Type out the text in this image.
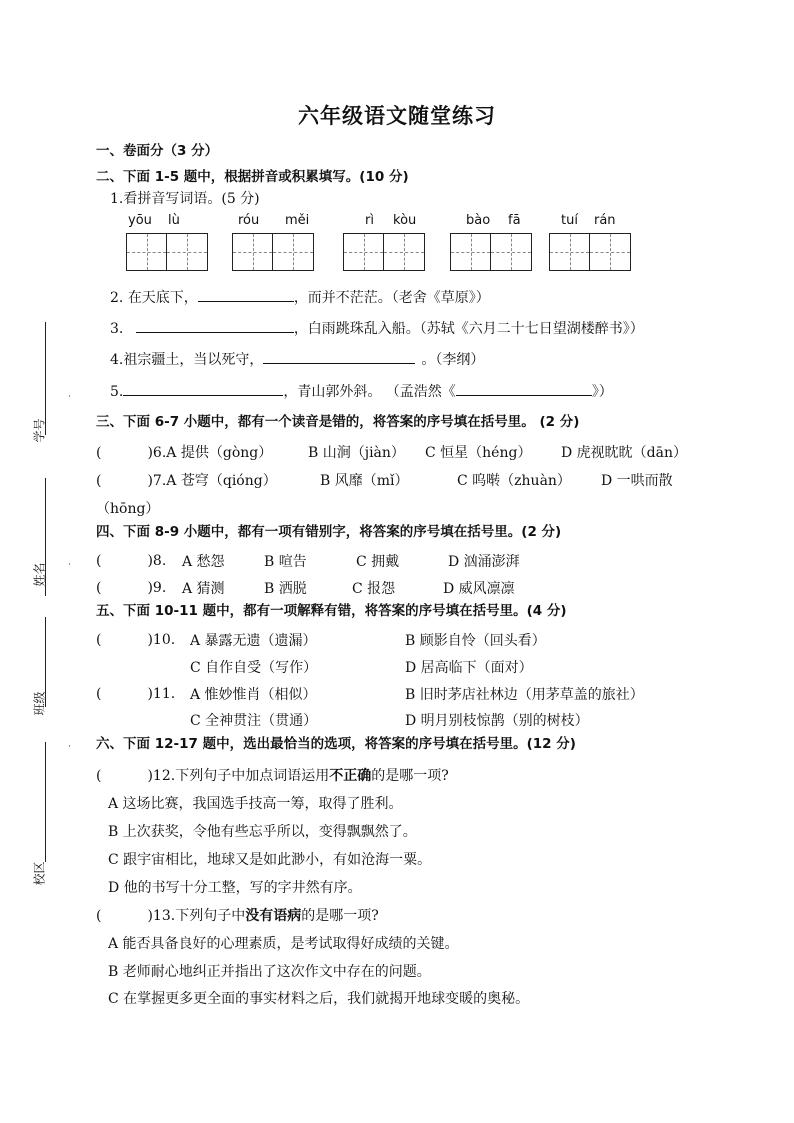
学号
·
姓名 ·
班级
·
校区
六年级语文随堂练习
一、卷面分（3 分）
二、下面 1-5 题中，根据拼音或积累填写。(10 分)
1.看拼音写词语。(5 分)
yōu lù	róu měi	rì kòu	bào fā	tuí rán
2. 在天底下，	，而并不茫茫。（老舍《草原》）
3.	，白雨跳珠乱入船。（苏轼《六月二十七日望湖楼醉书》）
4.祖宗疆土，当以死守，	。（李纲）
5.	，青山郭外斜。 （孟浩然《	》）
三、下面 6-7 小题中，都有一个读音是错的，将答案的序号填在括号里。 (2 分)
(	)6.A 提供（gòng）	B 山涧（jiàn） C 恒星（héng） D 虎视眈眈（dān）
(	)7.A 苍穹（qióng）	B 风靡（mǐ）	C 呜啭（zhuàn） D 一哄而散
（hōng）
四、下面 8-9 小题中，都有一项有错别字，将答案的序号填在括号里。(2 分)
(	)8. A 愁怨	B 喧告	C 拥戴	D 汹涌澎湃
(	)9. A 猜测	B 洒脱	C 报怨	D 威风凛凛
五、下面 10-11 题中，都有一项解释有错，将答案的序号填在括号里。(4 分)
(	)10. A 暴露无遗（遗漏）	B 顾影自怜（回头看）
C 自作自受（写作）	D 居高临下（面对）
(	)11. A 惟妙惟肖（相似）	B 旧时茅店社林边（用茅草盖的旅社）
C 全神贯注（贯通）	D 明月别枝惊鹊（别的树枝）
六、下面 12-17 题中，选出最恰当的选项，将答案的序号填在括号里。(12 分)
(	)12.下列句子中加点词语运用不正确的是哪一项?
A 这场比赛，我国选手技高一筹，取得了胜利。
B 上次获奖，令他有些忘乎所以，变得飘飘然了。
C 跟宇宙相比，地球又是如此渺小，有如沧海一粟。
D 他的书写十分工整，写的字井然有序。
(	)13.下列句子中没有语病的是哪一项?
A 能否具备良好的心理素质，是考试取得好成绩的关键。
B 老师耐心地纠正并指出了这次作文中存在的问题。
C 在掌握更多更全面的事实材料之后，我们就揭开地球变暖的奥秘。
